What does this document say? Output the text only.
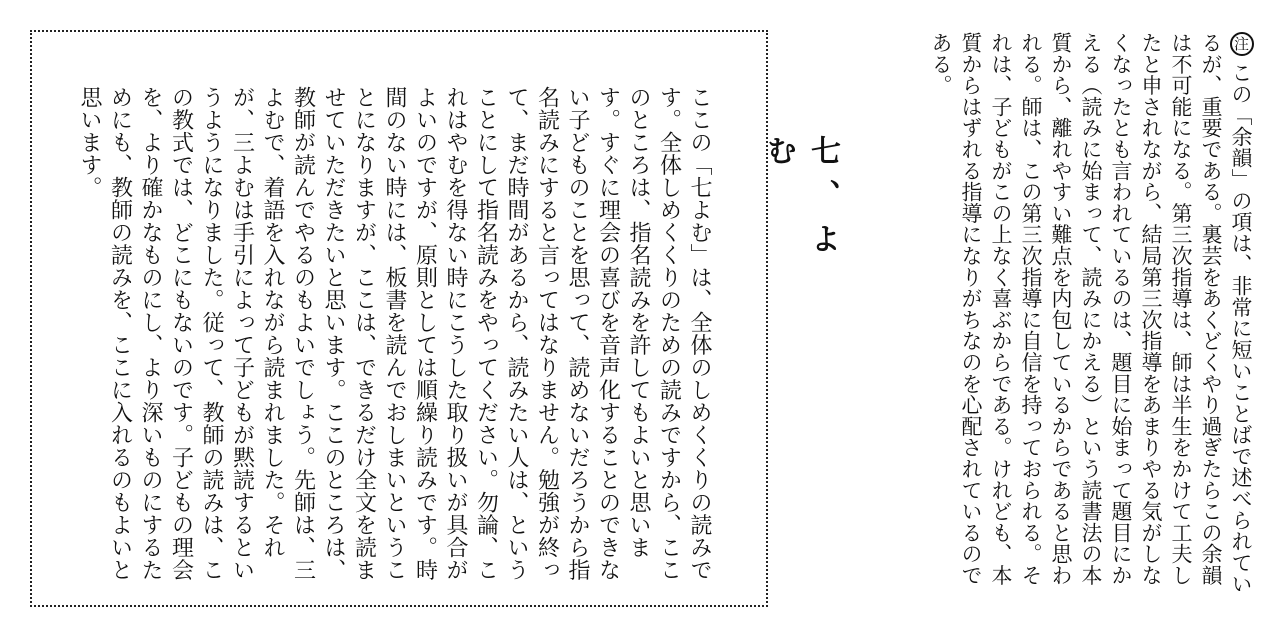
注この「余韻」の項は、非常に短いことばで述べられているが、重要である。裏芸をあくどくやり過ぎたらこの余韻は不可能になる。第三次指導は、師は半生をかけて工夫したと申されながら、結局第三次指導をあまりやる気がしなくなったとも言われているのは、題目に始まって題目にかえる（読みに始まって、読みにかえる）という読書法の本質から、離れやすい難点を内包しているからであると思われる。師は、この第三次指導に自信を持っておられる。それは、子どもがこの上なく喜ぶからである。けれども、本質からはずれる指導になりがちなのを心配されているのである。
七、よむ

ここの「七よむ」は、全体のしめくくりの読みです。全体しめくくりのための読みですから、ここのところは、指名読みを許してもよいと思います。すぐに理会の喜びを音声化することのできない子どものことを思って、読めないだろうから指名読みにすると言ってはなりません。勉強が終って、まだ時間があるから、読みたい人は、ということにして指名読みをやってください。勿論、これはやむを得ない時にこうした取り扱いが具合がよいのですが、原則としては順繰り読みです。時間のない時には、板書を読んでおしまいということになりますが、ここは、できるだけ全文を読ませていただきたいと思います。ここのところは、教師が読んでやるのもよいでしょう。先師は、三よむで、着語を入れながら読まれました。それが、三よむは手引によって子どもが黙読するというようになりました。従って、教師の読みは、この教式では、どこにもないのです。子どもの理会を、より確かなものにし、より深いものにするためにも、教師の読みを、ここに入れるのもよいと思います。
